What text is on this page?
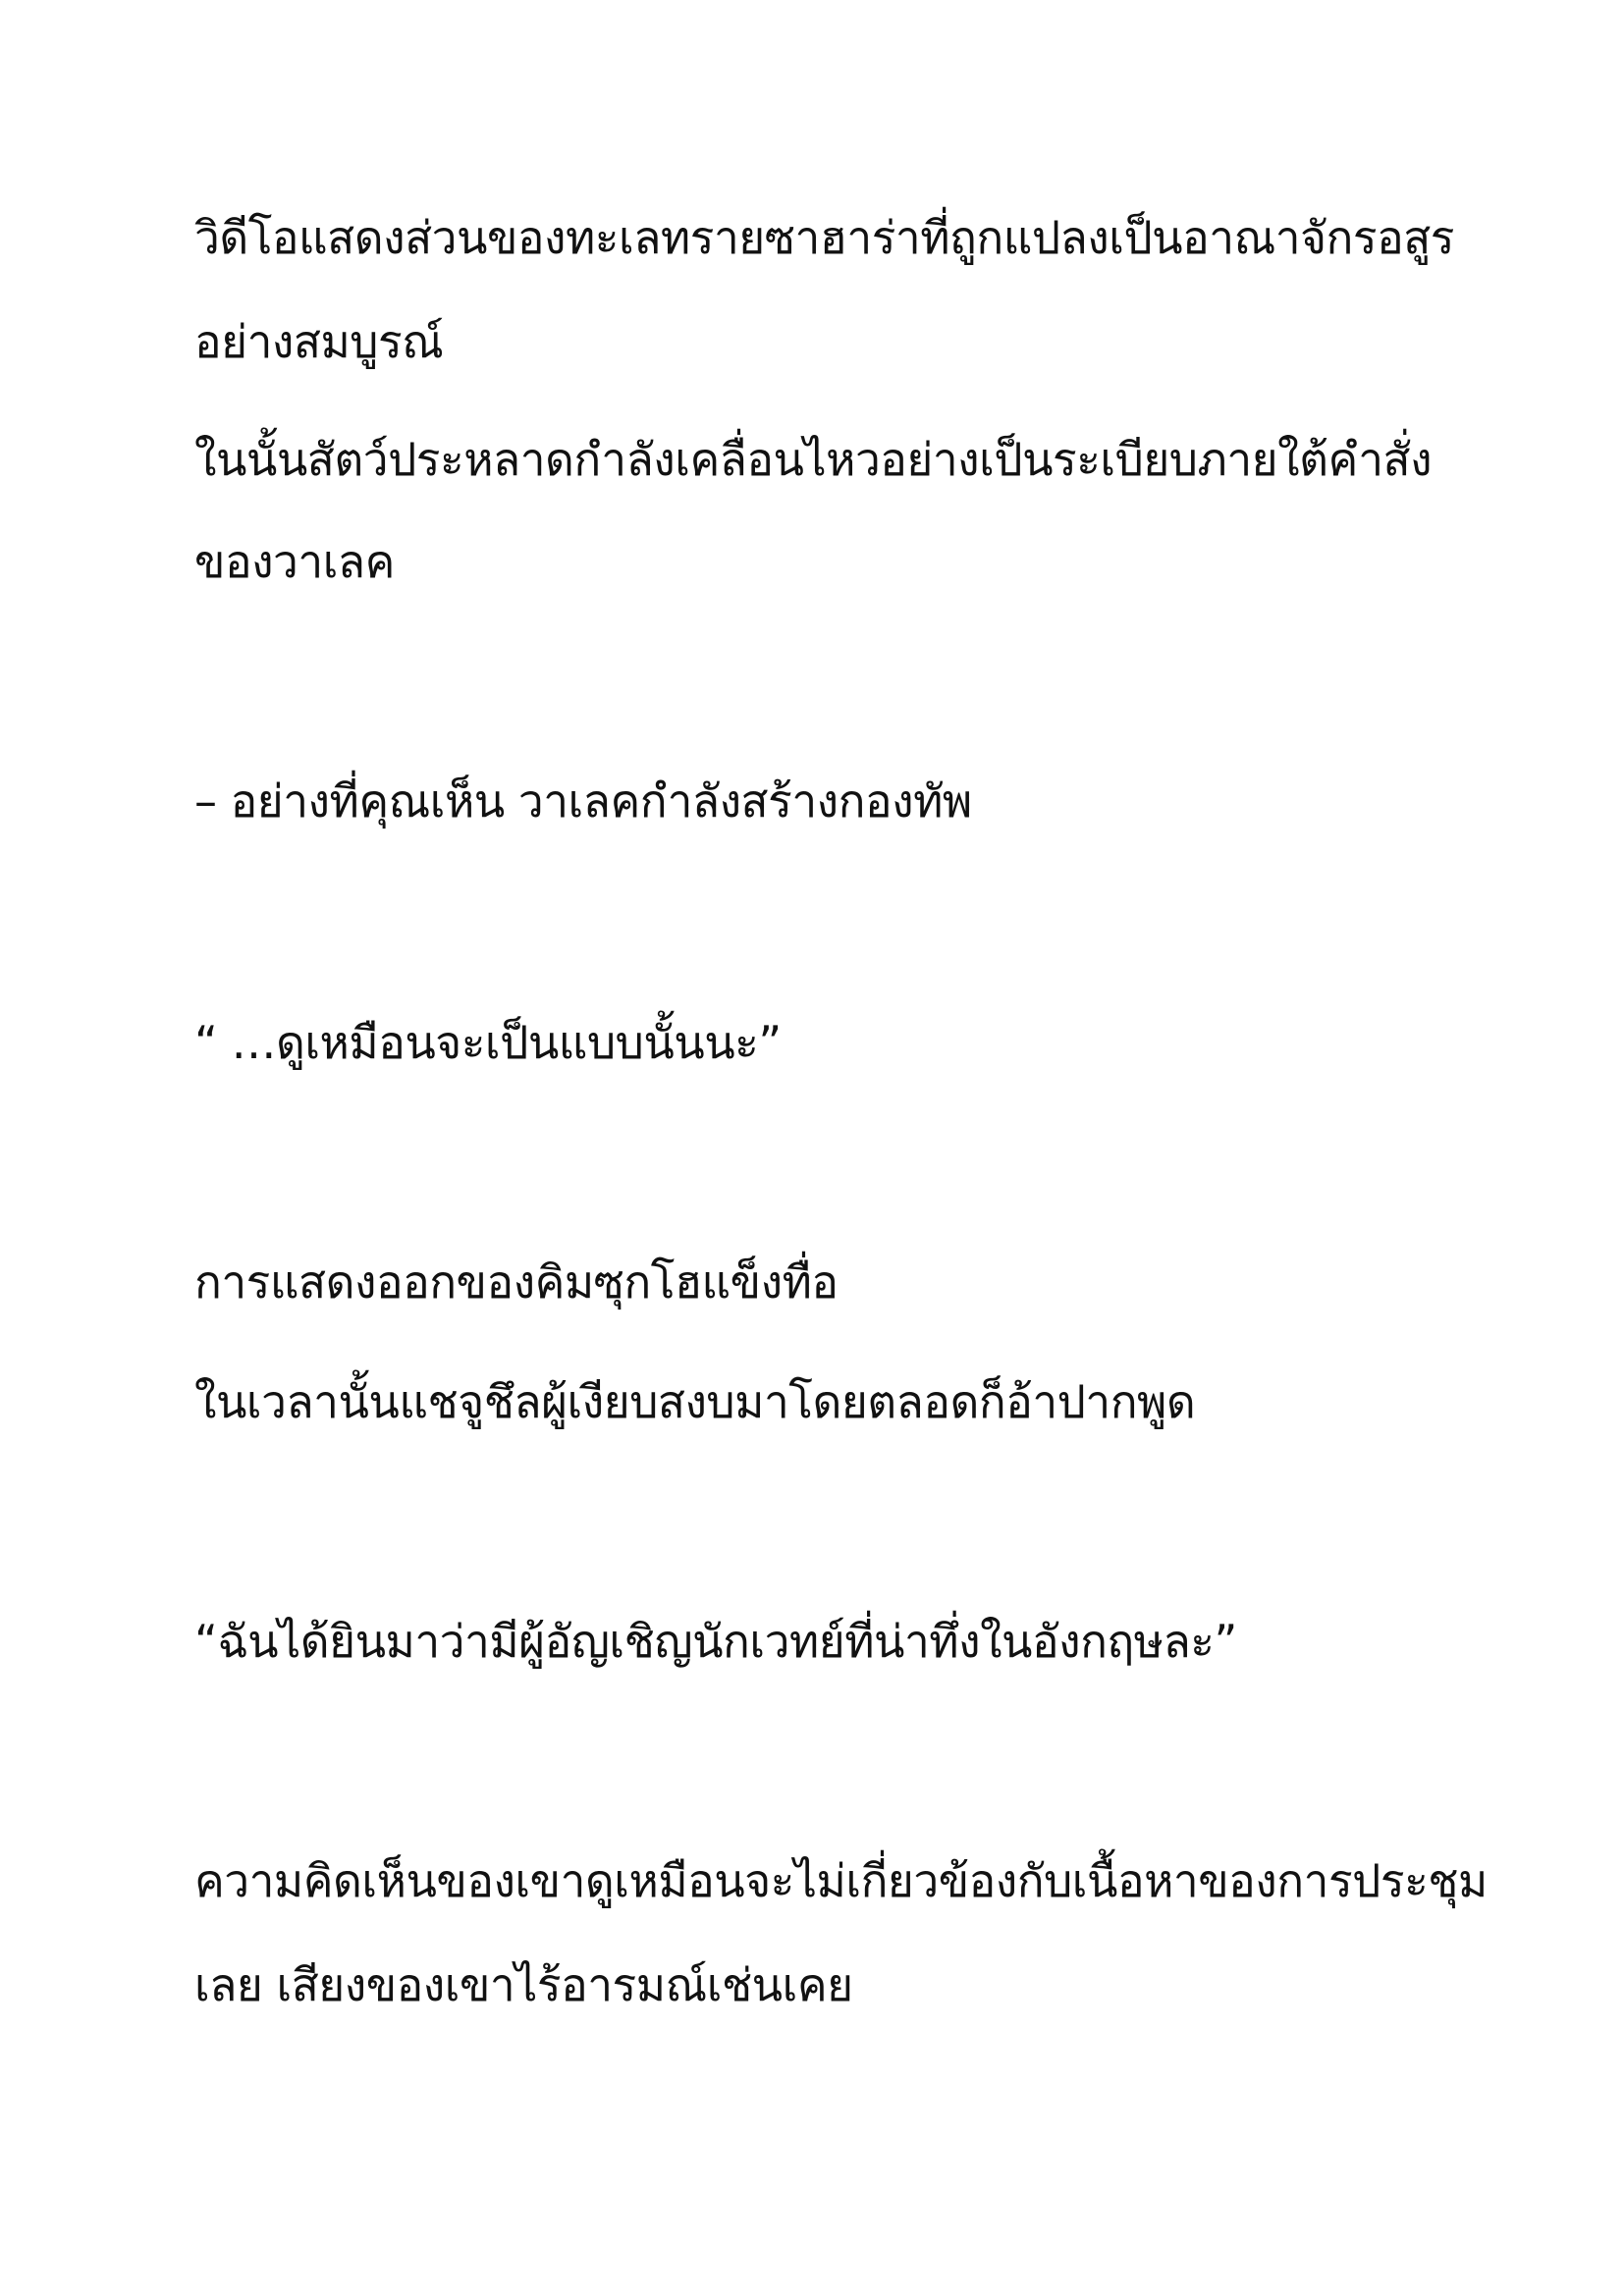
วิดีโอแสดงส่วนของทะเลทรายซาฮาร่าที่ถูกแปลงเป็นอาณาจักรอสูร

อย่างสมบูรณ์

ในนั้นสัตว์ประหลาดกำลังเคลื่อนไหวอย่างเป็นระเบียบภายใต้คำสั่ง

ของวาเลค

– อย่างที่คุณเห็น วาเลคกำลังสร้างกองทัพ

“ …ดูเหมือนจะเป็นแบบนั้นนะ”

การแสดงออกของคิมซุกโฮแข็งทื่อ

ในเวลานั้นแชจูชึลผู้เงียบสงบมาโดยตลอดก็อ้าปากพูด

“ฉันได้ยินมาว่ามีผู้อัญเชิญนักเวทย์ที่น่าทึ่งในอังกฤษละ”

ความคิดเห็นของเขาดูเหมือนจะไม่เกี่ยวข้องกับเนื้อหาของการประชุม

เลย เสียงของเขาไร้อารมณ์เช่นเคย
